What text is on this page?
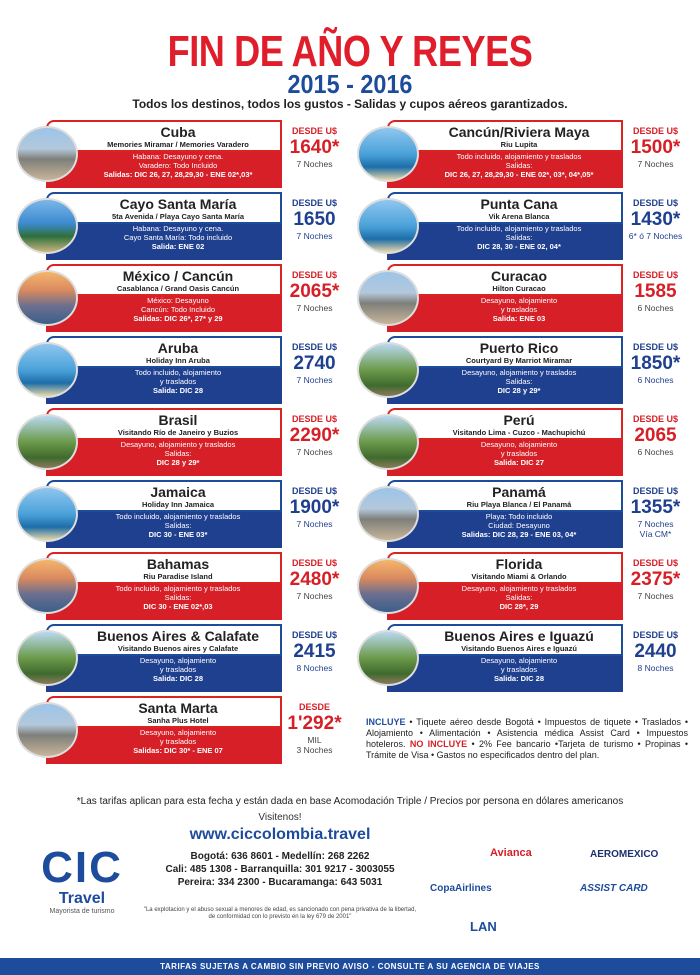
FIN DE AÑO Y REYES
2015 - 2016
Todos los destinos, todos los gustos - Salidas y cupos aéreos garantizados.
Cuba
Memories Miramar / Memories Varadero
Habana: Desayuno y cena.
Varadero: Todo Incluido
Salidas: DIC 26, 27, 28,29,30 - ENE 02*,03*
DESDE U$
1640*
7 Noches
Cayo Santa María
5ta Avenida / Playa Cayo Santa María
Habana: Desayuno y cena.
Cayo Santa María: Todo incluido
Salida: ENE 02
DESDE U$
1650
7 Noches
México / Cancún
Casablanca / Grand Oasis Cancún
México: Desayuno
Cancún: Todo Incluido
Salidas: DIC 26*, 27* y 29
DESDE U$
2065*
7 Noches
Aruba
Holiday Inn Aruba
Todo incluido, alojamiento
y traslados
Salida: DIC 28
DESDE U$
2740
7 Noches
Brasil
Visitando Río de Janeiro y Buzios
Desayuno, alojamiento y traslados
Salidas:
DIC 28 y 29*
DESDE U$
2290*
7 Noches
Jamaica
Holiday Inn Jamaica
Todo incluido, alojamiento y traslados
Salidas:
DIC 30 - ENE 03*
DESDE U$
1900*
7 Noches
Bahamas
Riu Paradise Island
Todo incluido, alojamiento y traslados
Salidas:
DIC 30 - ENE 02*,03
DESDE U$
2480*
7 Noches
Buenos Aires & Calafate
Visitando Buenos aires y Calafate
Desayuno, alojamiento
y traslados
Salida: DIC 28
DESDE U$
2415
8 Noches
Santa Marta
Sanha Plus Hotel
Desayuno, alojamiento
y traslados
Salidas: DIC 30* - ENE 07
DESDE
1'292*
MIL
3 Noches
Cancún/Riviera Maya
Riu Lupita
Todo incluido, alojamiento y traslados
Salidas:
DIC 26, 27, 28,29,30 - ENE 02*, 03*, 04*,05*
DESDE U$
1500*
7 Noches
Punta Cana
Vik Arena Blanca
Todo incluido, alojamiento y traslados
Salidas:
DIC 28, 30 - ENE 02, 04*
DESDE U$
1430*
6* ó 7 Noches
Curacao
Hilton Curacao
Desayuno, alojamiento
y traslados
Salida: ENE 03
DESDE U$
1585
6 Noches
Puerto Rico
Courtyard By Marriot Miramar
Desayuno, alojamiento y traslados
Salidas:
DIC 28 y 29*
DESDE U$
1850*
6 Noches
Perú
Visitando Lima - Cuzco - Machupichú
Desayuno, alojamiento
y traslados
Salida: DIC 27
DESDE U$
2065
6 Noches
Panamá
Riu Playa Blanca / El Panamá
Playa: Todo incluido
Ciudad: Desayuno
Salidas: DIC 28, 29 - ENE 03, 04*
DESDE U$
1355*
7 Noches
Vía CM*
Florida
Visitando Miami & Orlando
Desayuno, alojamiento y traslados
Salidas:
DIC 28*, 29
DESDE U$
2375*
7 Noches
Buenos Aires e Iguazú
Visitando Buenos Aires e Iguazú
Desayuno, alojamiento
y traslados
Salida: DIC 28
DESDE U$
2440
8 Noches
INCLUYE • Tiquete aéreo desde Bogotá • Impuestos de tiquete • Traslados • Alojamiento • Alimentación • Asistencia médica Assist Card • Impuestos hoteleros. NO INCLUYE • 2% Fee bancario •Tarjeta de turismo • Propinas • Trámite de Visa • Gastos no especificados dentro del plan.
*Las tarifas aplican para esta fecha y están dada en base Acomodación Triple / Precios por persona en dólares americanos
CIC
Travel
Mayorista de turismo
Visitenos!
www.ciccolombia.travel
Bogotá: 636 8601 - Medellín: 268 2262
Cali: 485 1308 - Barranquilla: 301 9217 - 3003055
Pereira: 334 2300 - Bucaramanga: 643 5031
"La explotacion y el abuso sexual a menores de edad, es sancionado con pena privativa de la libertad, de conformidad con lo previsto en la ley 679 de 2001"
Avianca	AEROMEXICO
CopaAirlines	ASSIST CARD
LAN
TARIFAS SUJETAS A CAMBIO SIN PREVIO AVISO - CONSULTE A SU AGENCIA DE VIAJES
